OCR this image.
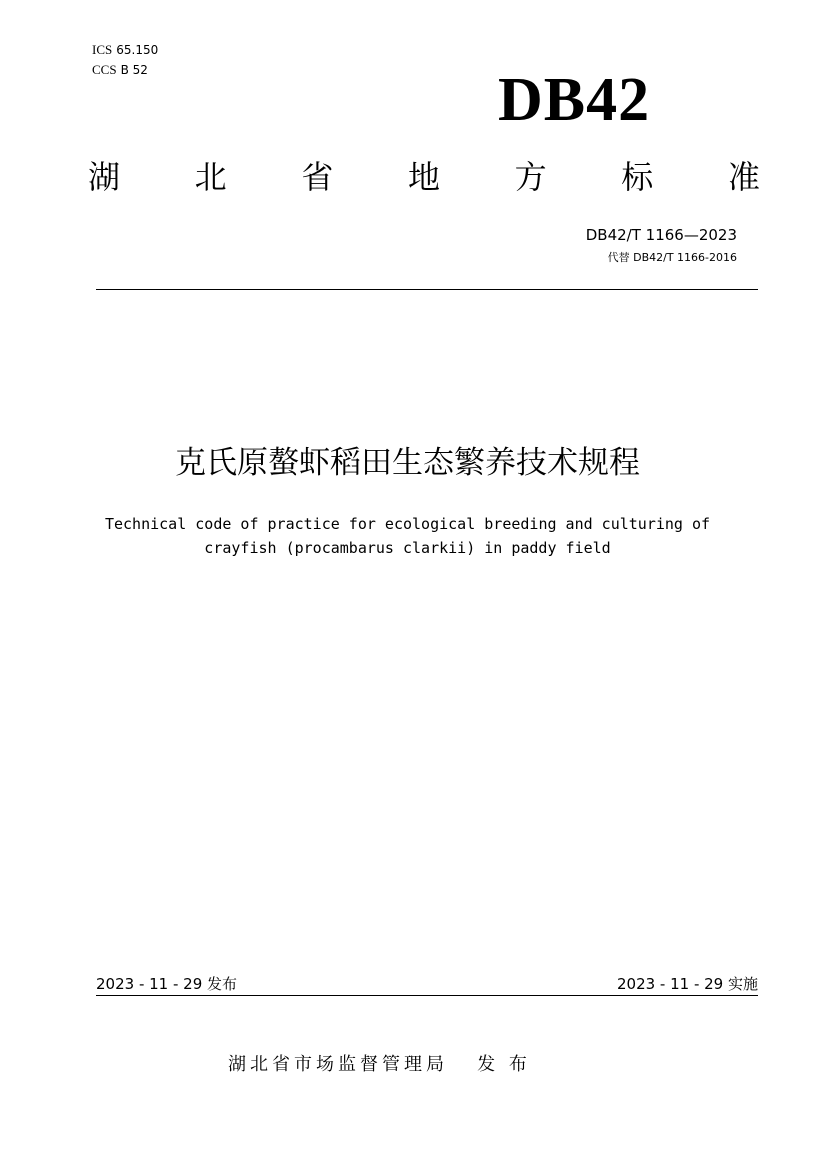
ICS 65.150
CCS B 52	DB42
湖 北 省 地 方 标 准
DB42/T 1166—2023
代替 DB42/T 1166-2016
克氏原螯虾稻田生态繁养技术规程
Technical code of practice for ecological breeding and culturing of
crayfish (procambarus clarkii) in paddy field
2023 - 11 - 29 发布	2023 - 11 - 29 实施
湖北省市场监督管理局 发 布
